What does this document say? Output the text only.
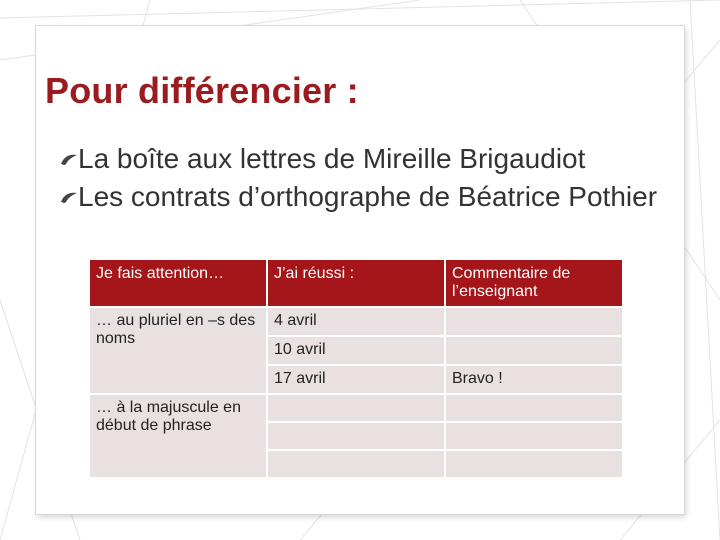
Pour différencier :
La boîte aux lettres de Mireille Brigaudiot
Les contrats d’orthographe de Béatrice Pothier
Je fais attention…	J’ai réussi :	Commentaire de l’enseignant
… au pluriel en –s des noms	4 avril	
	10 avril	
	17 avril	Bravo !
… à la majuscule en début de phrase		
